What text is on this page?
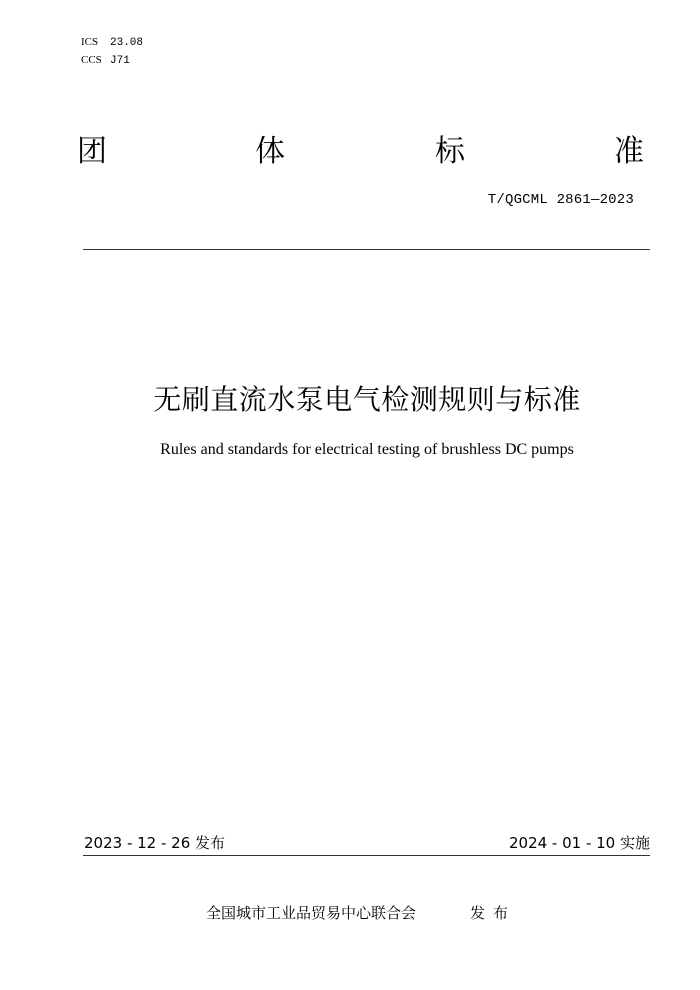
ICS 23.08
CCS J71
团	体	标	准
T/QGCML 2861—2023
无刷直流水泵电气检测规则与标准
Rules and standards for electrical testing of brushless DC pumps
2023 - 12 - 26 发布	2024 - 01 - 10 实施
全国城市工业品贸易中心联合会	发布
